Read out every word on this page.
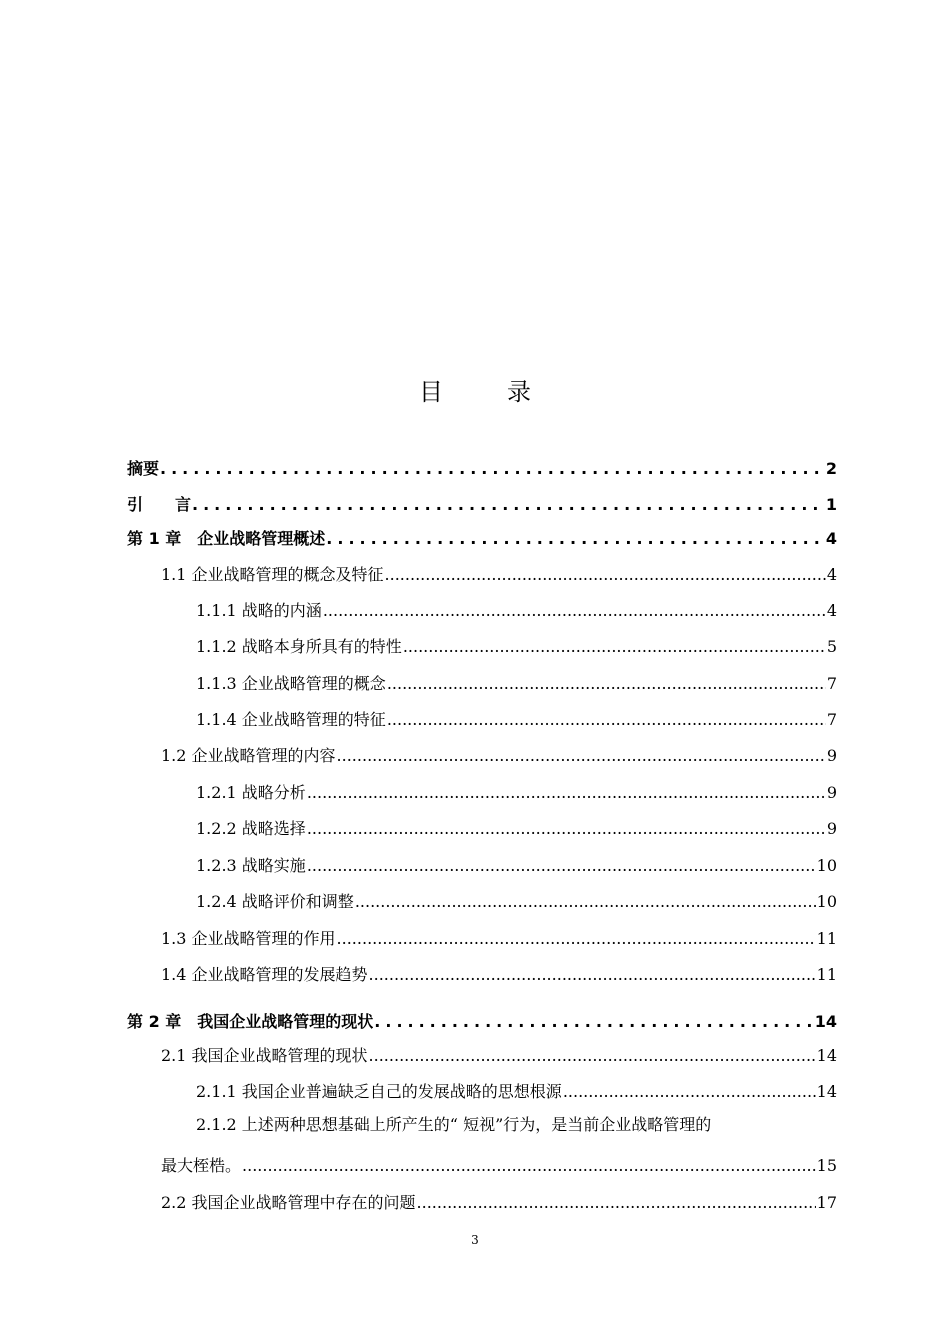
目　录
摘要 .....	2
引　　言 .....	1
第 1 章　企业战略管理概述 .....	4
1.1 企业战略管理的概念及特征 .....	4
1.1.1 战略的内涵 .....	4
1.1.2 战略本身所具有的特性 .....	5
1.1.3 企业战略管理的概念 .....	7
1.1.4 企业战略管理的特征 .....	7
1.2 企业战略管理的内容 .....	9
1.2.1 战略分析 .....	9
1.2.2 战略选择 .....	9
1.2.3 战略实施 .....	10
1.2.4 战略评价和调整 .....	10
1.3 企业战略管理的作用 .....	11
1.4 企业战略管理的发展趋势 .....	11
第 2 章　我国企业战略管理的现状 .....	14
2.1 我国企业战略管理的现状 .....	14
2.1.1 我国企业普遍缺乏自己的发展战略的思想根源 .....	14
2.1.2 上述两种思想基础上所产生的“ 短视”行为，是当前企业战略管理的
最大桎梏。 .....	15
2.2 我国企业战略管理中存在的问题 .....	17
3
